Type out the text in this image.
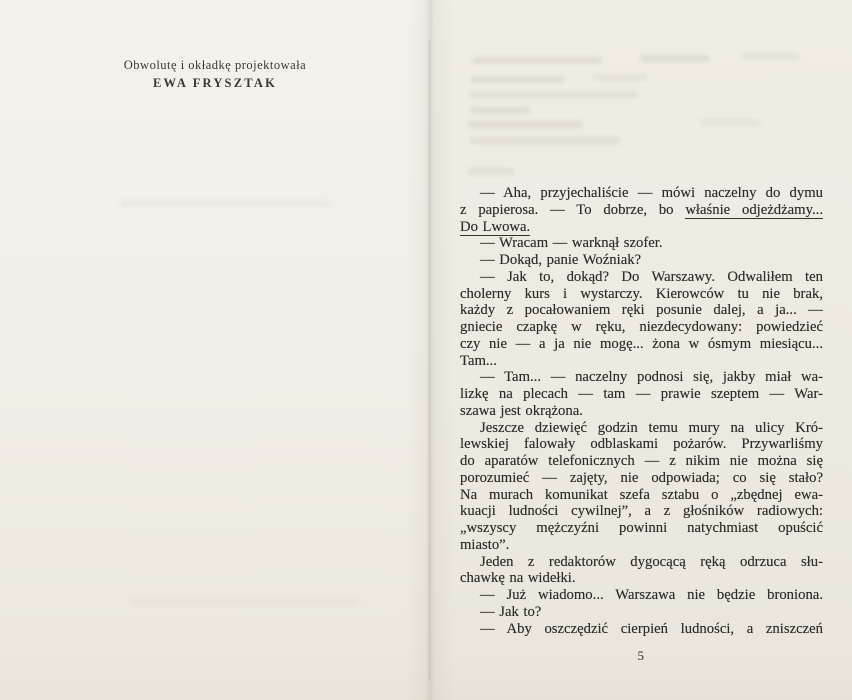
Obwolutę i okładkę projektowała
EWA FRYSZTAK
— Aha, przyjechaliście — mówi naczelny do dymu
z papierosa. — To dobrze, bo właśnie odjeżdżamy...
Do Lwowa.
— Wracam — warknął szofer.
— Dokąd, panie Woźniak?
— Jak to, dokąd? Do Warszawy. Odwaliłem ten
cholerny kurs i wystarczy. Kierowców tu nie brak,
każdy z pocałowaniem ręki posunie dalej, a ja... —
gniecie czapkę w ręku, niezdecydowany: powiedzieć
czy nie — a ja nie mogę... żona w ósmym miesiącu...
Tam...
— Tam... — naczelny podnosi się, jakby miał wa-
lizkę na plecach — tam — prawie szeptem — War-
szawa jest okrążona.
Jeszcze dziewięć godzin temu mury na ulicy Kró-
lewskiej falowały odblaskami pożarów. Przywarliśmy
do aparatów telefonicznych — z nikim nie można się
porozumieć — zajęty, nie odpowiada; co się stało?
Na murach komunikat szefa sztabu o „zbędnej ewa-
kuacji ludności cywilnej”, a z głośników radiowych:
„wszyscy mężczyźni powinni natychmiast opuścić
miasto”.
Jeden z redaktorów dygocącą ręką odrzuca słu-
chawkę na widełki.
— Już wiadomo... Warszawa nie będzie broniona.
— Jak to?
— Aby oszczędzić cierpień ludności, a zniszczeń
5
